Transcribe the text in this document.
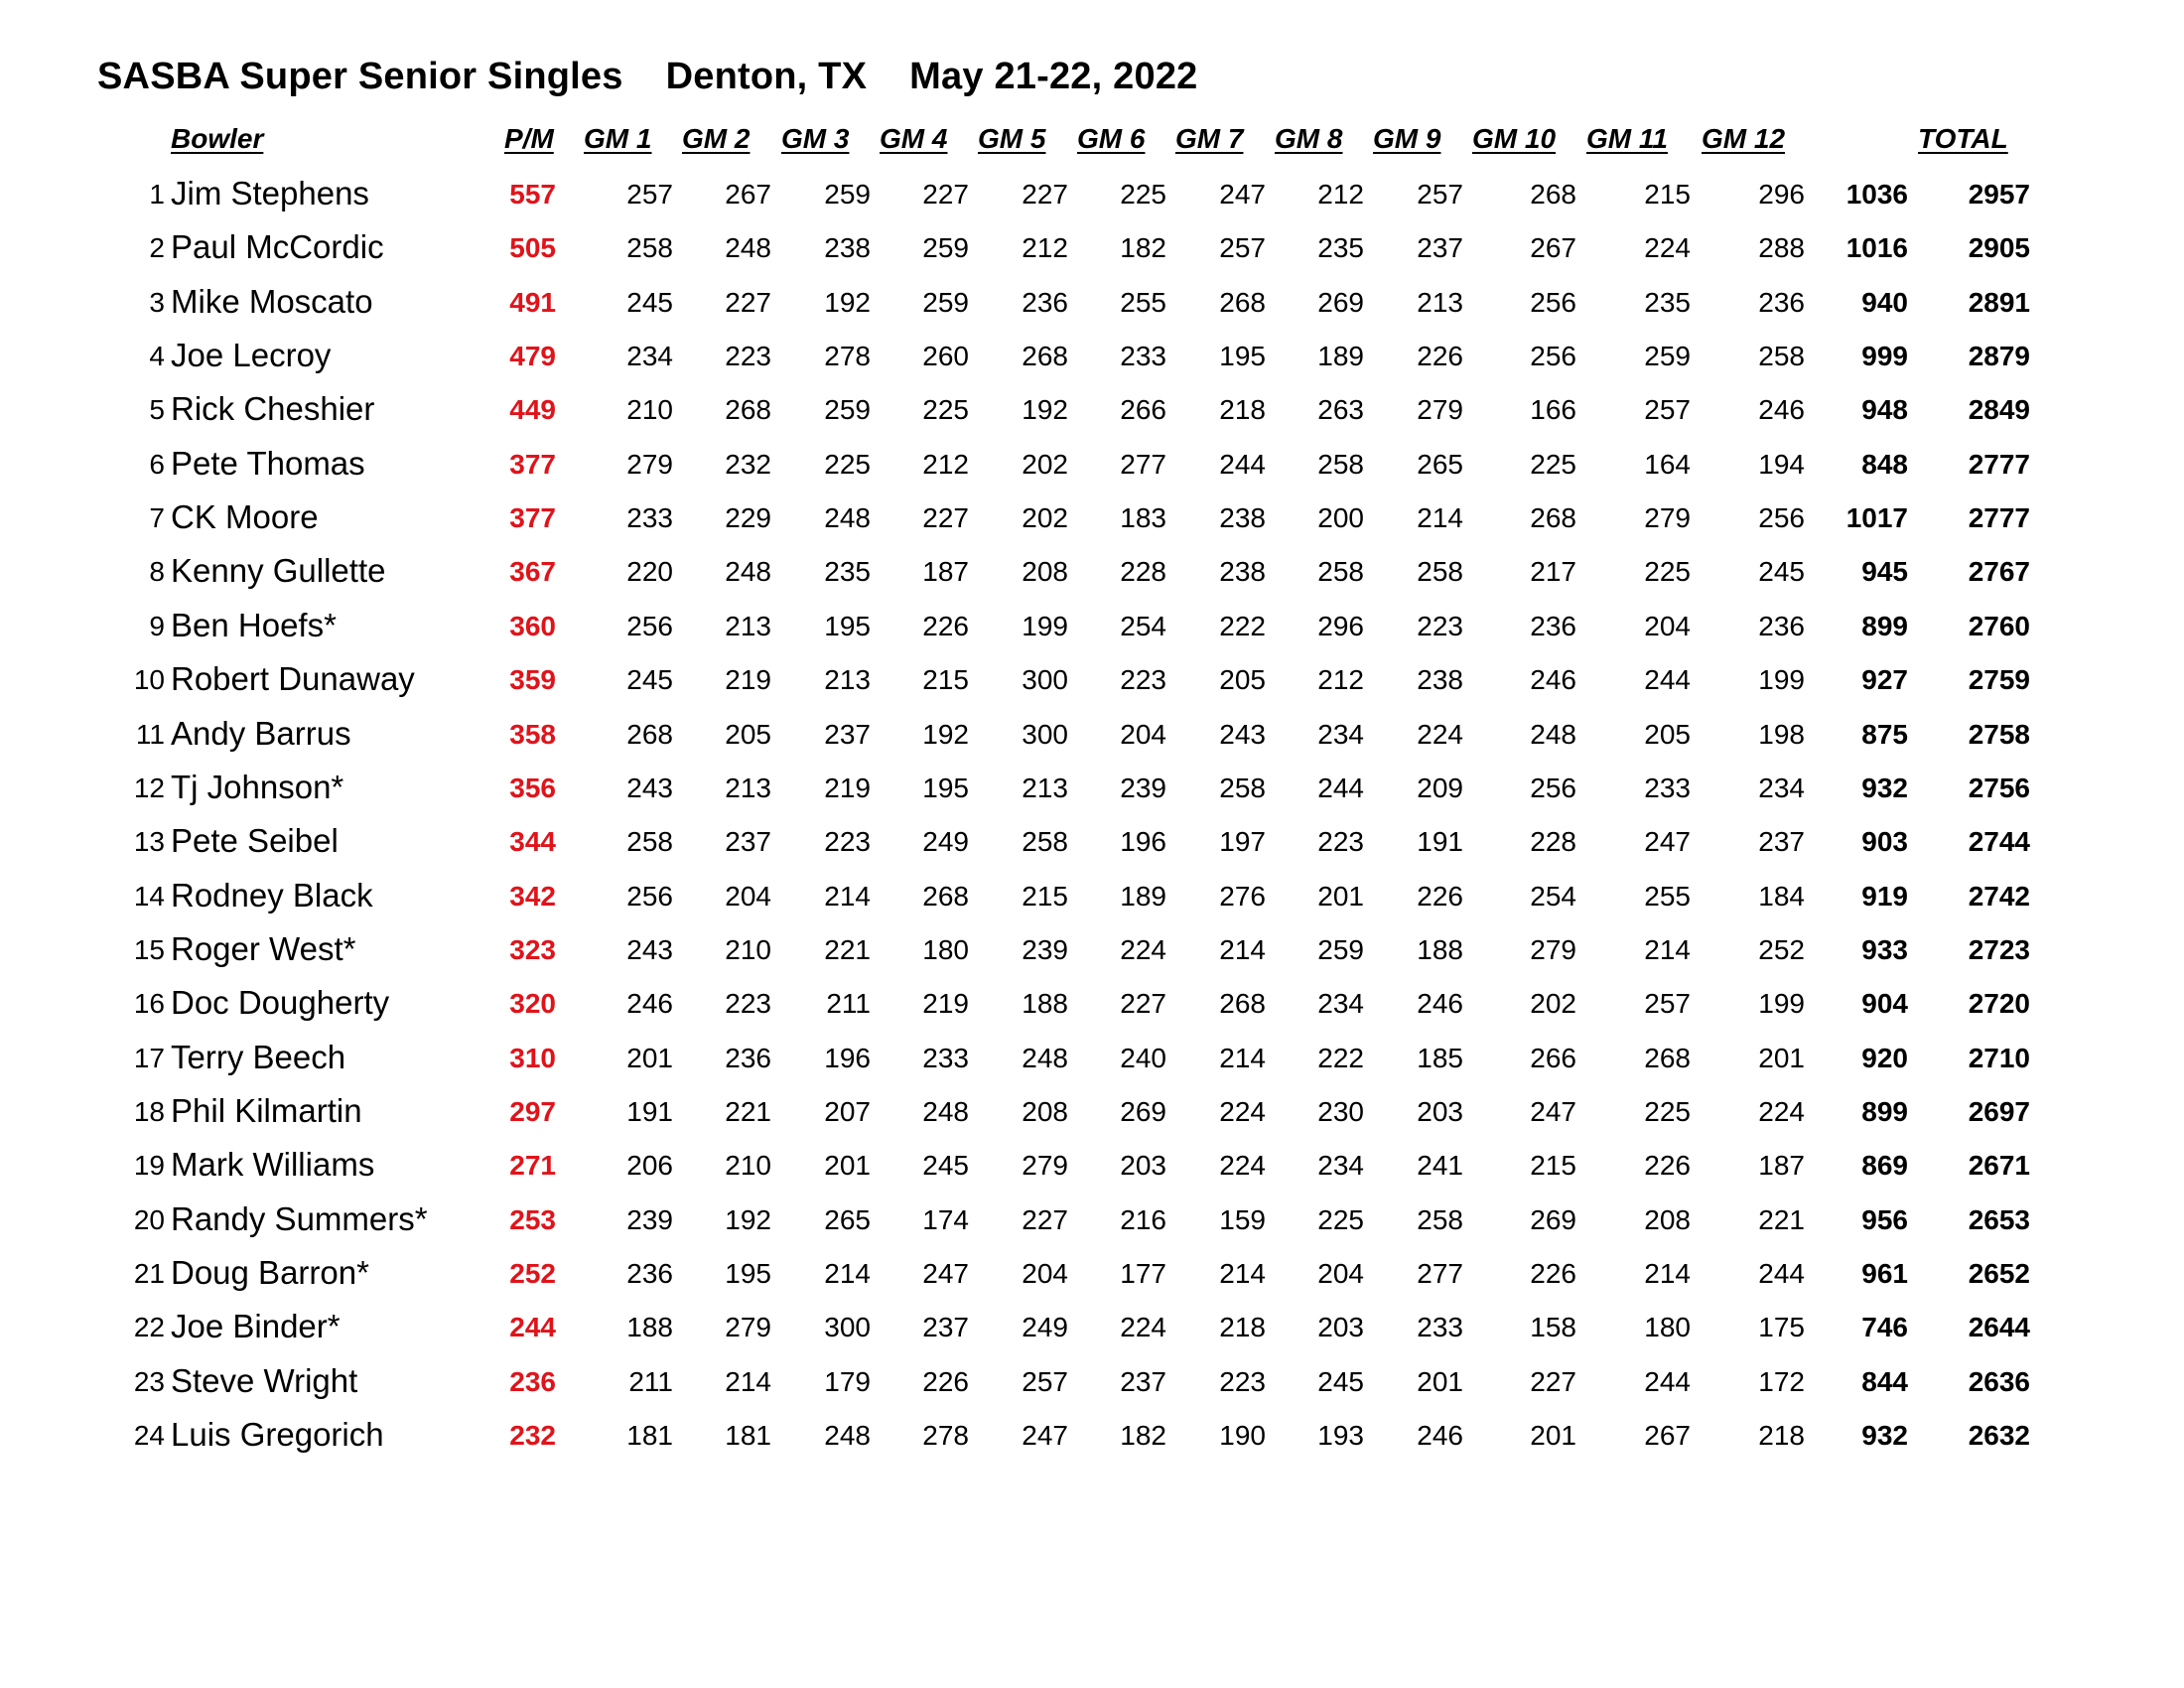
SASBA Super Senior Singles    Denton, TX    May 21-22, 2022
Bowler	P/M GM 1 GM 2 GM 3 GM 4 GM 5 GM 6 GM 7 GM 8 GM 9 GM 10 GM 11 GM 12	TOTAL
1 Jim Stephens	557	257	267	259	227	227	225	247	212	257	268	215	296	1036	2957
2 Paul McCordic	505	258	248	238	259	212	182	257	235	237	267	224	288	1016	2905
3 Mike Moscato	491	245	227	192	259	236	255	268	269	213	256	235	236	940	2891
4 Joe Lecroy	479	234	223	278	260	268	233	195	189	226	256	259	258	999	2879
5 Rick Cheshier	449	210	268	259	225	192	266	218	263	279	166	257	246	948	2849
6 Pete Thomas	377	279	232	225	212	202	277	244	258	265	225	164	194	848	2777
7 CK Moore	377	233	229	248	227	202	183	238	200	214	268	279	256	1017	2777
8 Kenny Gullette	367	220	248	235	187	208	228	238	258	258	217	225	245	945	2767
9 Ben Hoefs*	360	256	213	195	226	199	254	222	296	223	236	204	236	899	2760
10 Robert Dunaway	359	245	219	213	215	300	223	205	212	238	246	244	199	927	2759
11 Andy Barrus	358	268	205	237	192	300	204	243	234	224	248	205	198	875	2758
12 Tj Johnson*	356	243	213	219	195	213	239	258	244	209	256	233	234	932	2756
13 Pete Seibel	344	258	237	223	249	258	196	197	223	191	228	247	237	903	2744
14 Rodney Black	342	256	204	214	268	215	189	276	201	226	254	255	184	919	2742
15 Roger West*	323	243	210	221	180	239	224	214	259	188	279	214	252	933	2723
16 Doc Dougherty	320	246	223	211	219	188	227	268	234	246	202	257	199	904	2720
17 Terry Beech	310	201	236	196	233	248	240	214	222	185	266	268	201	920	2710
18 Phil Kilmartin	297	191	221	207	248	208	269	224	230	203	247	225	224	899	2697
19 Mark Williams	271	206	210	201	245	279	203	224	234	241	215	226	187	869	2671
20 Randy Summers*	253	239	192	265	174	227	216	159	225	258	269	208	221	956	2653
21 Doug Barron*	252	236	195	214	247	204	177	214	204	277	226	214	244	961	2652
22 Joe Binder*	244	188	279	300	237	249	224	218	203	233	158	180	175	746	2644
23 Steve Wright	236	211	214	179	226	257	237	223	245	201	227	244	172	844	2636
24 Luis Gregorich	232	181	181	248	278	247	182	190	193	246	201	267	218	932	2632
